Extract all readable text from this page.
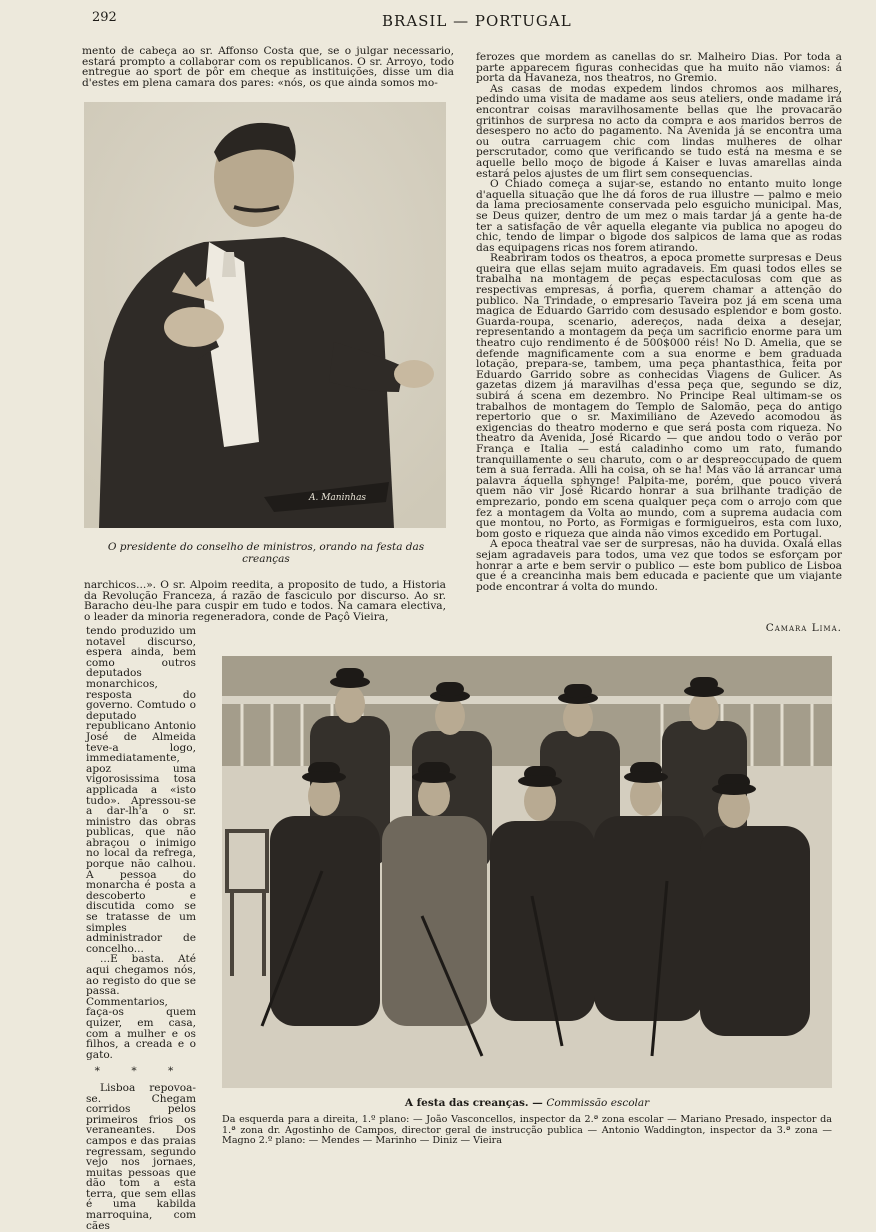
292	BRASIL — PORTUGAL

mento de cabeça ao sr. Affonso Costa que, se o julgar necessario, estará prompto a collaborar com os republicanos. O sr. Arroyo, todo entregue ao sport de pôr em cheque as instituições, disse um dia d'estes em plena camara dos pares: «nós, os que ainda somos mo-

A. Maninhas
O presidente do conselho de ministros, orando na festa das creanças

ferozes que mordem as canellas do sr. Malheiro Dias. Por toda a parte apparecem figuras conhecidas que ha muito não viamos: á porta da Havaneza, nos theatros, no Gremio.

As casas de modas expedem lindos chromos aos milhares, pedindo uma visita de madame aos seus ateliers, onde madame irá encontrar coisas maravilhosamente bellas que lhe provacarão gritinhos de surpresa no acto da compra e aos maridos berros de desespero no acto do pagamento. Na Avenida já se encontra uma ou outra carruagem chic com lindas mulheres de olhar perscrutador, como que verificando se tudo está na mesma e se aquelle bello moço de bigode á Kaiser e luvas amarellas ainda estará pelos ajustes de um flirt sem consequencias.

O Chiado começa a sujar-se, estando no entanto muito longe d'aquella situação que lhe dá foros de rua illustre — palmo e meio da lama preciosamente conservada pelo esguicho municipal. Mas, se Deus quizer, dentro de um mez o mais tardar já a gente ha-de ter a satisfação de vêr aquella elegante via publica no apogeu do chic, tendo de limpar o bigode dos salpicos de lama que as rodas das equipagens ricas nos forem atirando.

Reabriram todos os theatros, a epoca promette surpresas e Deus queira que ellas sejam muito agradaveis. Em quasi todos elles se trabalha na montagem de peças espectaculosas com que as respectivas empresas, á porfia, querem chamar a attenção do publico. Na Trindade, o empresario Taveira poz já em scena uma magica de Eduardo Garrido com desusado esplendor e bom gosto. Guarda-roupa, scenario, adereços, nada deixa a desejar, representando a montagem da peça um sacrificio enorme para um theatro cujo rendimento é de 500$000 réis! No D. Amelia, que se defende magnificamente com a sua enorme e bem graduada lotação, prepara-se, tambem, uma peça phantasthica, feita por Eduardo Garrido sobre as conhecidas Viagens de Gulicer. As gazetas dizem já maravilhas d'essa peça que, segundo se diz, subirá á scena em dezembro. No Principe Real ultimam-se os trabalhos de montagem do Templo de Salomão, peça do antigo repertorio que o sr. Maximiliano de Azevedo acomodou ás exigencias do theatro moderno e que será posta com riqueza. No theatro da Avenida, José Ricardo — que andou todo o verão por França e Italia — está caladinho como um rato, fumando tranquillamente o seu charuto, com o ar despreoccupado de quem tem a sua ferrada. Alli ha coisa, oh se ha! Mas vão lá arrancar uma palavra áquella sphynge! Palpita-me, porém, que pouco viverá quem não vir José Ricardo honrar a sua brilhante tradição de emprezario, pondo em scena qualquer peça com o arrojo com que fez a montagem da Volta ao mundo, com a suprema audacia com que montou, no Porto, as Formigas e formigueiros, esta com luxo, bom gosto e riqueza que ainda não vimos excedido em Portugal.

A epoca theatral vae ser de surpresas, não ha duvida. Oxalá ellas sejam agradaveis para todos, uma vez que todos se esforçam por honrar a arte e bem servir o publico — este bom publico de Lisboa que é a creancinha mais bem educada e paciente que um viajante pode encontrar á volta do mundo.

Camara Lima.

narchicos...». O sr. Alpoim reedita, a proposito de tudo, a Historia da Revolução Franceza, á razão de fasciculo por discurso. Ao sr. Baracho deu-lhe para cuspir em tudo e todos. Na camara electiva, o leader da minoria regeneradora, conde de Paçô Vieira,

tendo produzido um notavel discurso, espera ainda, bem como outros deputados monarchicos, resposta do governo. Comtudo o deputado republicano Antonio José de Almeida teve-a logo, immediatamente, apoz uma vigorosissima tosa applicada a «isto tudo». Apressou-se a dar-lh'a o sr. ministro das obras publicas, que não abraçou o inimigo no local da refrega, porque não calhou. A pessoa do monarcha é posta a descoberto e discutida como se se tratasse de um simples administrador de concelho...

...E basta. Até aqui chegamos nós, ao registo do que se passa. Commentarios, faça-os quem quizer, em casa, com a mulher e os filhos, a creada e o gato.

* * *

Lisboa repovoa-se. Chegam corridos pelos primeiros frios os veraneantes. Dos campos e das praias regressam, segundo vejo nos jornaes, muitas pessoas que dão tom a esta terra, que sem ellas é uma kabilda marroquina, com cães

A festa das creanças. — Commissão escolar
Da esquerda para a direita, 1.º plano: — João Vasconcellos, inspector da 2.ª zona escolar — Mariano Presado, inspector da 1.ª zona dr. Agostinho de Campos, director geral de instrucção publica — Antonio Waddington, inspector da 3.ª zona — Magno 2.º plano: — Mendes — Marinho — Diniz — Vieira
